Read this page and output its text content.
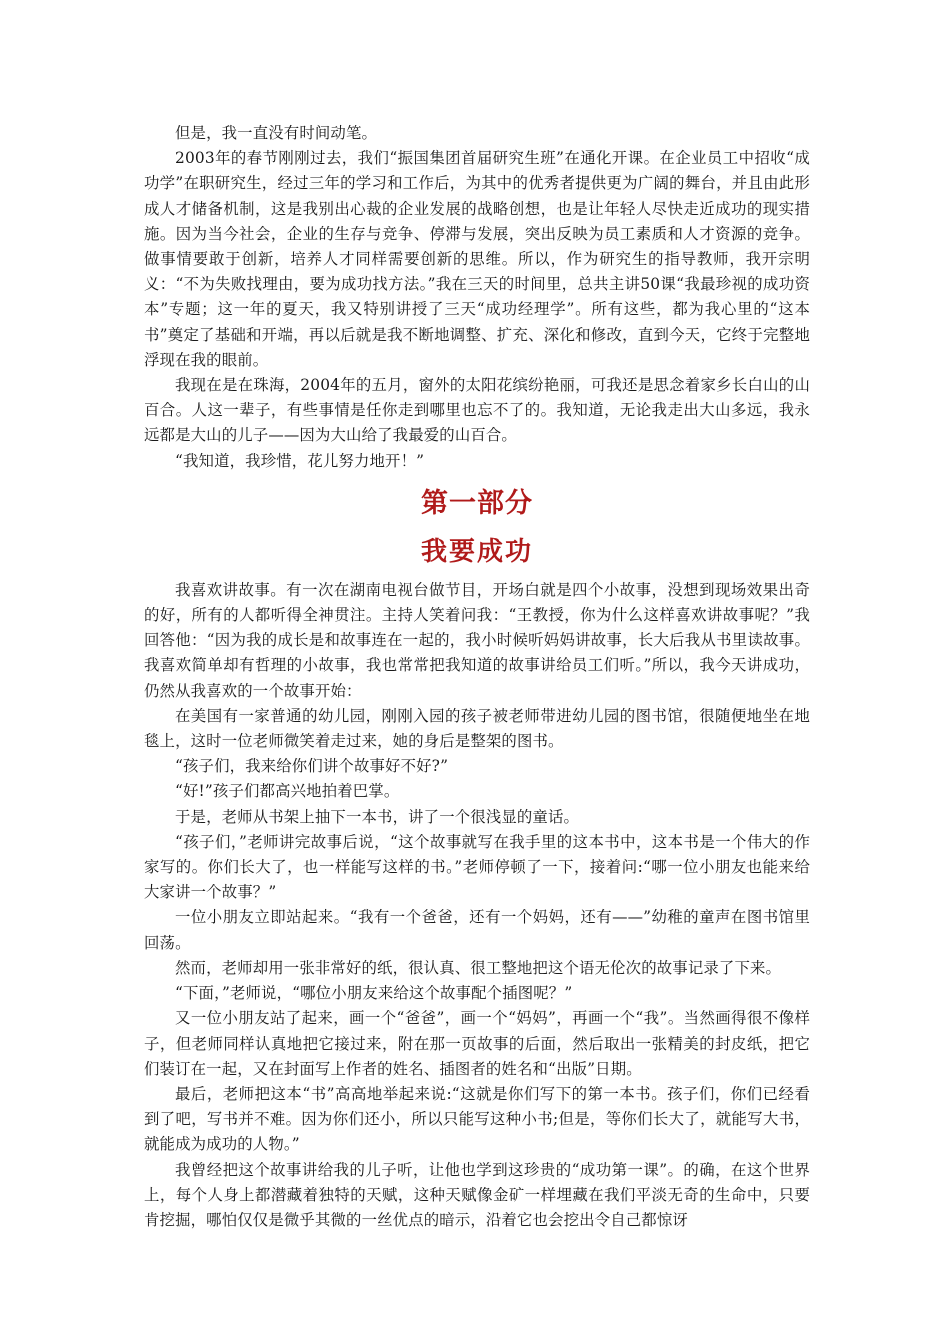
但是，我一直没有时间动笔。

2003年的春节刚刚过去，我们“振国集团首届研究生班”在通化开课。在企业员工中招收“成功学”在职研究生，经过三年的学习和工作后，为其中的优秀者提供更为广阔的舞台，并且由此形成人才储备机制，这是我别出心裁的企业发展的战略创想，也是让年轻人尽快走近成功的现实措施。因为当今社会，企业的生存与竞争、停滞与发展，突出反映为员工素质和人才资源的竞争。做事情要敢于创新，培养人才同样需要创新的思维。所以，作为研究生的指导教师，我开宗明义：“不为失败找理由，要为成功找方法。”我在三天的时间里，总共主讲50课“我最珍视的成功资本”专题；这一年的夏天，我又特别讲授了三天“成功经理学”。所有这些，都为我心里的“这本书”奠定了基础和开端，再以后就是我不断地调整、扩充、深化和修改，直到今天，它终于完整地浮现在我的眼前。

我现在是在珠海，2004年的五月，窗外的太阳花缤纷艳丽，可我还是思念着家乡长白山的山百合。人这一辈子，有些事情是任你走到哪里也忘不了的。我知道，无论我走出大山多远，我永远都是大山的儿子——因为大山给了我最爱的山百合。

“我知道，我珍惜，花儿努力地开！”

第一部分
我要成功

我喜欢讲故事。有一次在湖南电视台做节目，开场白就是四个小故事，没想到现场效果出奇的好，所有的人都听得全神贯注。主持人笑着问我：“王教授，你为什么这样喜欢讲故事呢？”我回答他：“因为我的成长是和故事连在一起的，我小时候听妈妈讲故事，长大后我从书里读故事。我喜欢简单却有哲理的小故事，我也常常把我知道的故事讲给员工们听。”所以，我今天讲成功，仍然从我喜欢的一个故事开始：

在美国有一家普通的幼儿园，刚刚入园的孩子被老师带进幼儿园的图书馆，很随便地坐在地毯上，这时一位老师微笑着走过来，她的身后是整架的图书。

“孩子们，我来给你们讲个故事好不好?”

“好!”孩子们都高兴地拍着巴掌。

于是，老师从书架上抽下一本书，讲了一个很浅显的童话。

“孩子们，”老师讲完故事后说，“这个故事就写在我手里的这本书中，这本书是一个伟大的作家写的。你们长大了，也一样能写这样的书。”老师停顿了一下，接着问:“哪一位小朋友也能来给大家讲一个故事？”

一位小朋友立即站起来。“我有一个爸爸，还有一个妈妈，还有——”幼稚的童声在图书馆里回荡。

然而，老师却用一张非常好的纸，很认真、很工整地把这个语无伦次的故事记录了下来。

“下面，”老师说，“哪位小朋友来给这个故事配个插图呢？”

又一位小朋友站了起来，画一个“爸爸”，画一个“妈妈”，再画一个“我”。当然画得很不像样子，但老师同样认真地把它接过来，附在那一页故事的后面，然后取出一张精美的封皮纸，把它们装订在一起，又在封面写上作者的姓名、插图者的姓名和“出版”日期。

最后，老师把这本“书”高高地举起来说:“这就是你们写下的第一本书。孩子们，你们已经看到了吧，写书并不难。因为你们还小，所以只能写这种小书;但是，等你们长大了，就能写大书，就能成为成功的人物。”

我曾经把这个故事讲给我的儿子听，让他也学到这珍贵的“成功第一课”。的确，在这个世界上，每个人身上都潜藏着独特的天赋，这种天赋像金矿一样埋藏在我们平淡无奇的生命中，只要肯挖掘，哪怕仅仅是微乎其微的一丝优点的暗示，沿着它也会挖出令自己都惊讶
